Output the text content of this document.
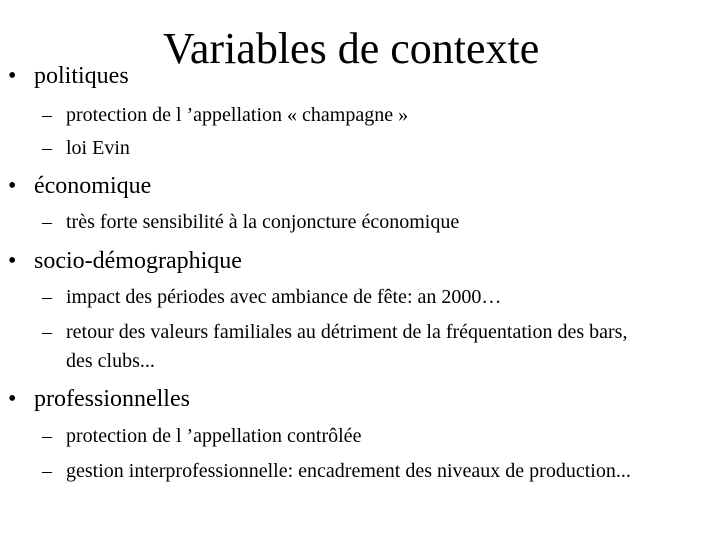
Variables de contexte
• politiques
– protection de l ’appellation « champagne »
– loi Evin
• économique
– très forte sensibilité à la conjoncture économique
• socio-démographique
– impact des périodes avec ambiance de fête: an 2000…
– retour des valeurs familiales au détriment de la fréquentation des bars, des clubs...
• professionnelles
– protection de l ’appellation contrôlée
– gestion interprofessionnelle: encadrement des niveaux de production...
